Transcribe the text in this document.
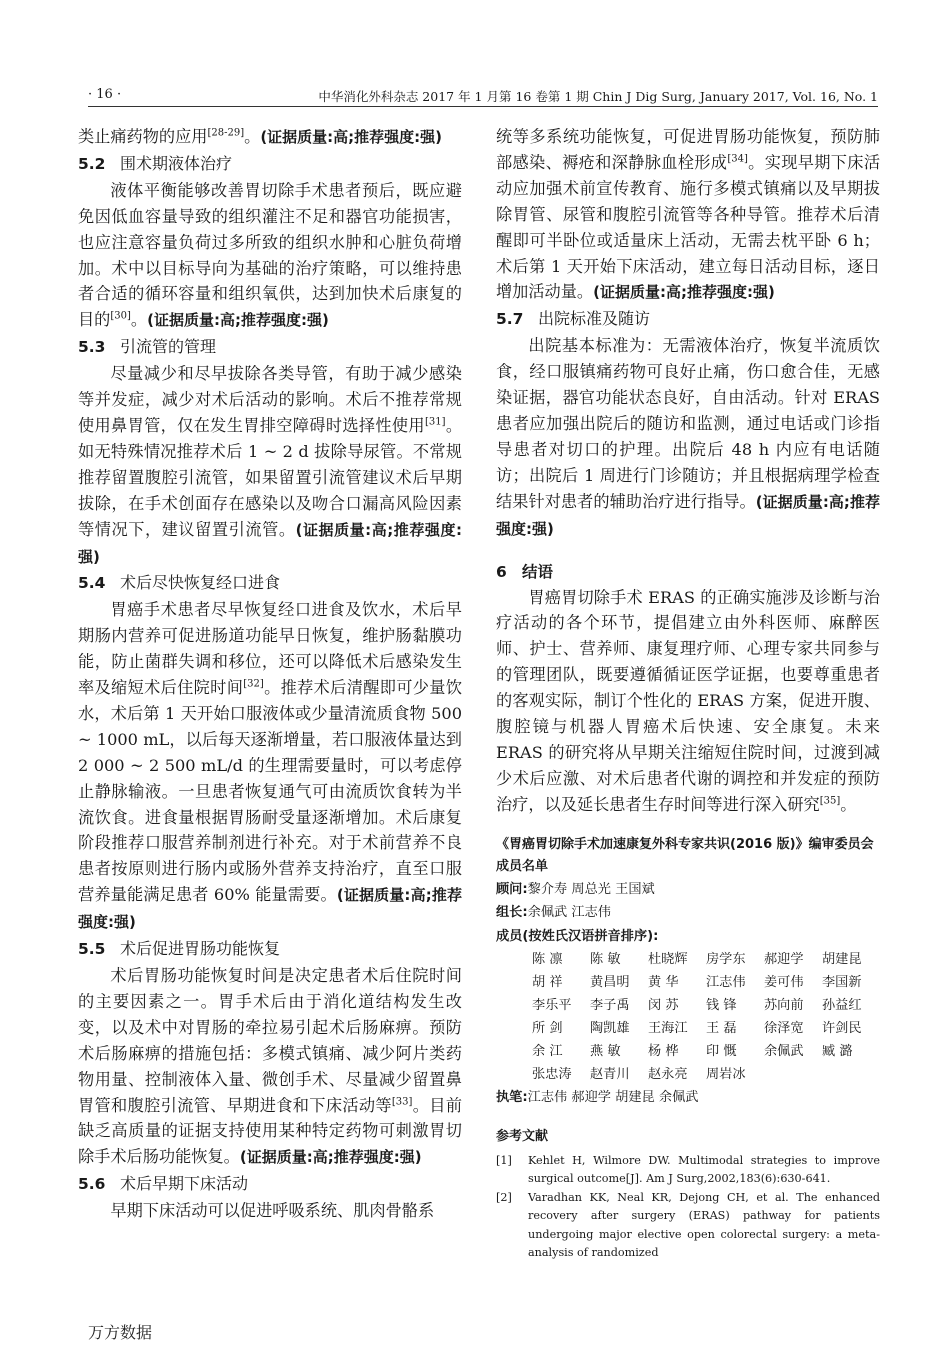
· 16 ·	中华消化外科杂志 2017 年 1 月第 16 卷第 1 期 Chin J Dig Surg, January 2017, Vol. 16, No. 1

类止痛药物的应用[28-29]。(证据质量:高;推荐强度:强)

5.2 围术期液体治疗

液体平衡能够改善胃切除手术患者预后，既应避免因低血容量导致的组织灌注不足和器官功能损害，也应注意容量负荷过多所致的组织水肿和心脏负荷增加。术中以目标导向为基础的治疗策略，可以维持患者合适的循环容量和组织氧供，达到加快术后康复的目的[30]。(证据质量:高;推荐强度:强)

5.3 引流管的管理

尽量减少和尽早拔除各类导管，有助于减少感染等并发症，减少对术后活动的影响。术后不推荐常规使用鼻胃管，仅在发生胃排空障碍时选择性使用[31]。如无特殊情况推荐术后 1 ~ 2 d 拔除导尿管。不常规推荐留置腹腔引流管，如果留置引流管建议术后早期拔除，在手术创面存在感染以及吻合口漏高风险因素等情况下，建议留置引流管。(证据质量:高;推荐强度:强)

5.4 术后尽快恢复经口进食

胃癌手术患者尽早恢复经口进食及饮水，术后早期肠内营养可促进肠道功能早日恢复，维护肠黏膜功能，防止菌群失调和移位，还可以降低术后感染发生率及缩短术后住院时间[32]。推荐术后清醒即可少量饮水，术后第 1 天开始口服液体或少量清流质食物 500 ~ 1000 mL，以后每天逐渐增量，若口服液体量达到 2 000 ~ 2 500 mL/d 的生理需要量时，可以考虑停止静脉输液。一旦患者恢复通气可由流质饮食转为半流饮食。进食量根据胃肠耐受量逐渐增加。术后康复阶段推荐口服营养制剂进行补充。对于术前营养不良患者按原则进行肠内或肠外营养支持治疗，直至口服营养量能满足患者 60% 能量需要。(证据质量:高;推荐强度:强)

5.5 术后促进胃肠功能恢复

术后胃肠功能恢复时间是决定患者术后住院时间的主要因素之一。胃手术后由于消化道结构发生改变，以及术中对胃肠的牵拉易引起术后肠麻痹。预防术后肠麻痹的措施包括：多模式镇痛、减少阿片类药物用量、控制液体入量、微创手术、尽量减少留置鼻胃管和腹腔引流管、早期进食和下床活动等[33]。目前缺乏高质量的证据支持使用某种特定药物可刺激胃切除手术后肠功能恢复。(证据质量:高;推荐强度:强)

5.6 术后早期下床活动

早期下床活动可以促进呼吸系统、肌肉骨骼系

统等多系统功能恢复，可促进胃肠功能恢复，预防肺部感染、褥疮和深静脉血栓形成[34]。实现早期下床活动应加强术前宣传教育、施行多模式镇痛以及早期拔除胃管、尿管和腹腔引流管等各种导管。推荐术后清醒即可半卧位或适量床上活动，无需去枕平卧 6 h；术后第 1 天开始下床活动，建立每日活动目标，逐日增加活动量。(证据质量:高;推荐强度:强)

5.7 出院标准及随访

出院基本标准为：无需液体治疗，恢复半流质饮食，经口服镇痛药物可良好止痛，伤口愈合佳，无感染证据，器官功能状态良好，自由活动。针对 ERAS 患者应加强出院后的随访和监测，通过电话或门诊指导患者对切口的护理。出院后 48 h 内应有电话随访；出院后 1 周进行门诊随访；并且根据病理学检查结果针对患者的辅助治疗进行指导。(证据质量:高;推荐强度:强)

6 结语

胃癌胃切除手术 ERAS 的正确实施涉及诊断与治疗活动的各个环节，提倡建立由外科医师、麻醉医师、护士、营养师、康复理疗师、心理专家共同参与的管理团队，既要遵循循证医学证据，也要尊重患者的客观实际，制订个性化的 ERAS 方案，促进开腹、腹腔镜与机器人胃癌术后快速、安全康复。未来 ERAS 的研究将从早期关注缩短住院时间，过渡到减少术后应激、对术后患者代谢的调控和并发症的预防治疗，以及延长患者生存时间等进行深入研究[35]。

《胃癌胃切除手术加速康复外科专家共识(2016 版)》编审委员会成员名单
顾问:黎介寿 周总光 王国斌
组长:余佩武 江志伟
成员(按姓氏汉语拼音排序):
陈 凛	陈 敏	杜晓辉	房学东	郝迎学	胡建昆
胡 祥	黄昌明	黄 华	江志伟	姜可伟	李国新
李乐平	李子禹	闵 苏	钱 锋	苏向前	孙益红
所 剑	陶凯雄	王海江	王 磊	徐泽宽	许剑民
余 江	燕 敏	杨 桦	印 慨	余佩武	臧 潞
张忠涛	赵青川	赵永亮	周岩冰
执笔:江志伟 郝迎学 胡建昆 余佩武
参考文献
[1]	Kehlet H, Wilmore DW. Multimodal strategies to improve surgical outcome[J]. Am J Surg,2002,183(6):630-641.
[2]	Varadhan KK, Neal KR, Dejong CH, et al. The enhanced recovery after surgery (ERAS) pathway for patients undergoing major elective open colorectal surgery: a meta-analysis of randomized
万方数据
